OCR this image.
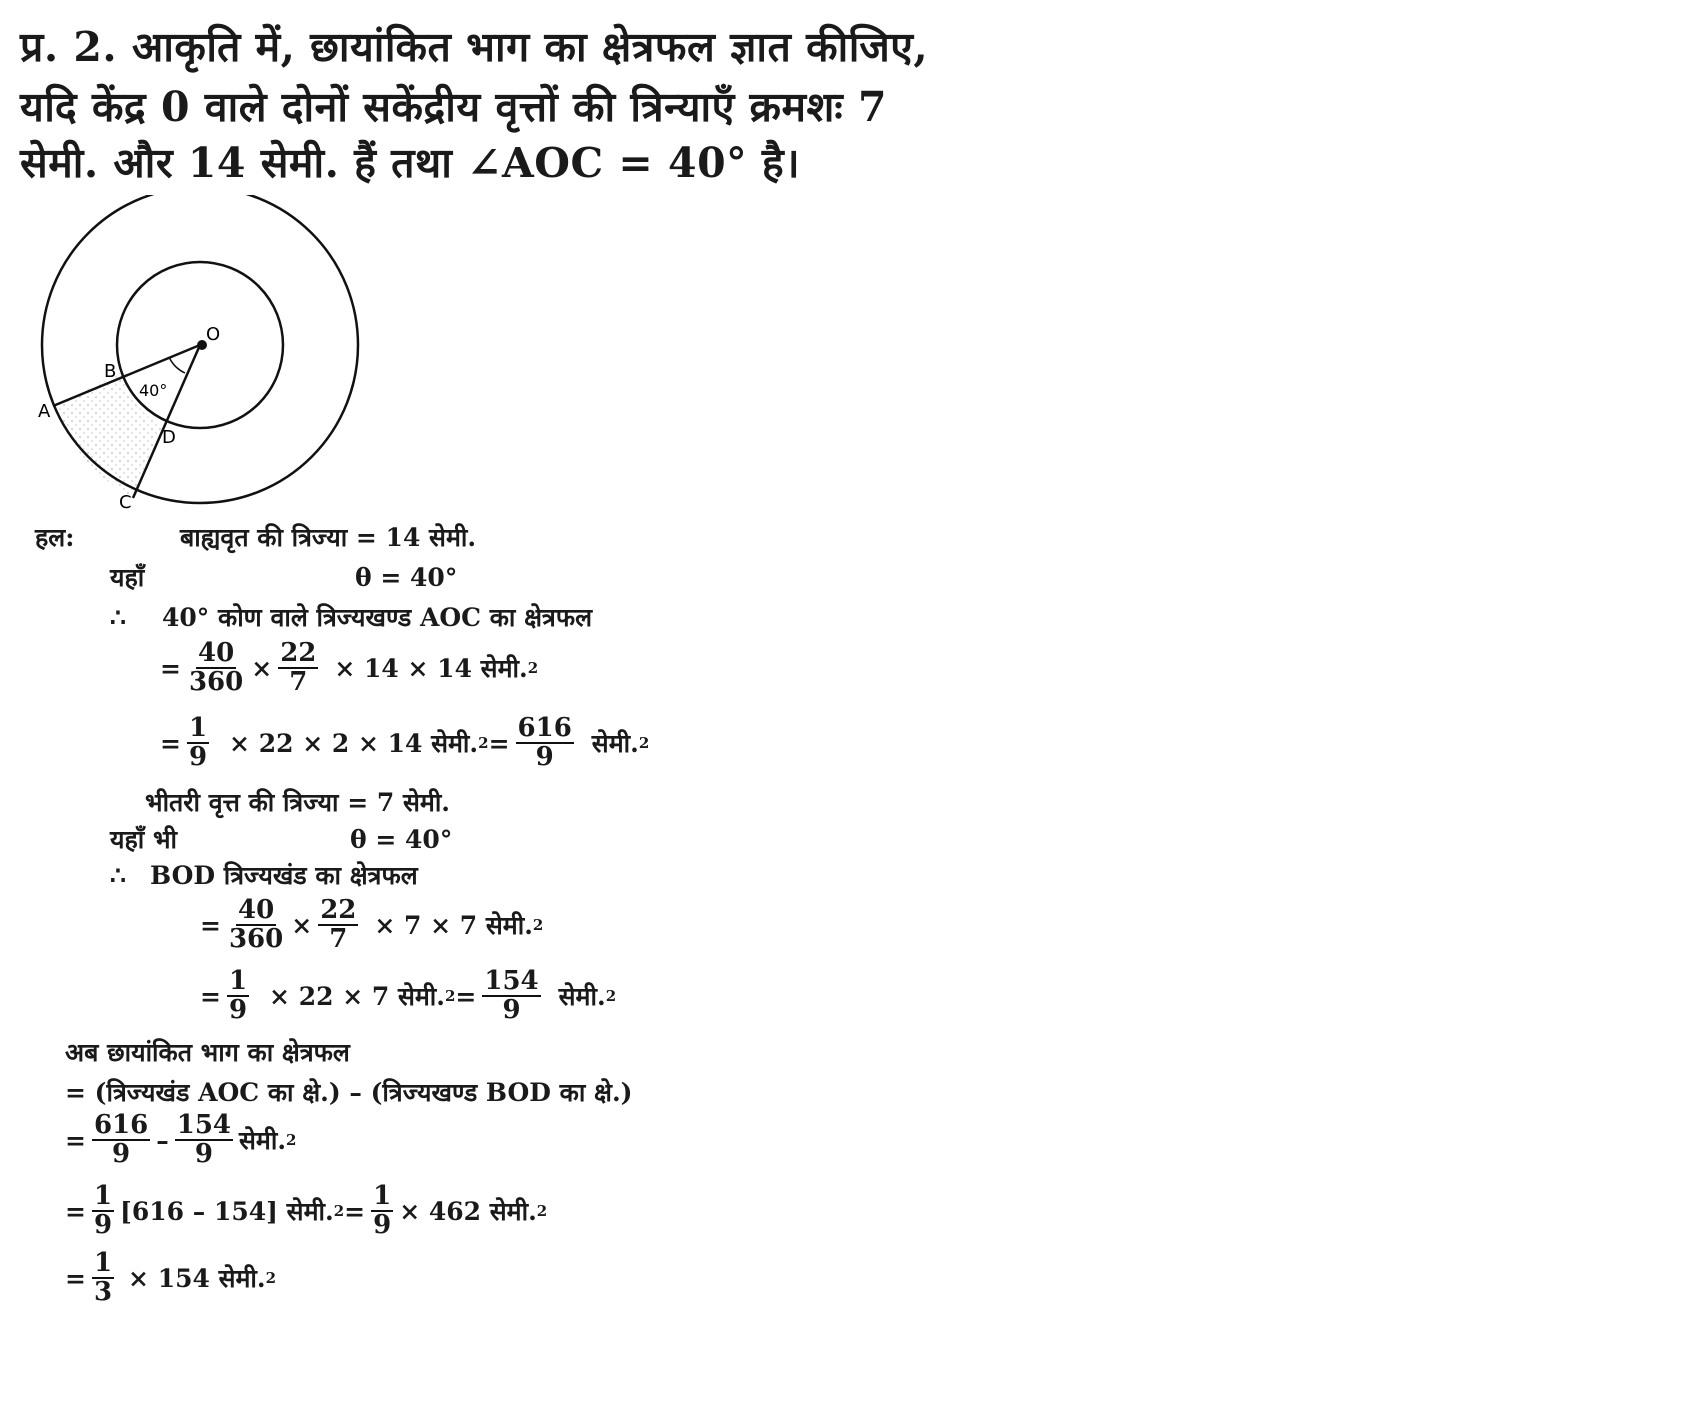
प्र. 2. आकृति में, छायांकित भाग का क्षेत्रफल ज्ञात कीजिए,
यदि केंद्र 0 वाले दोनों सकेंद्रीय वृत्तों की त्रिन्याएँ क्रमशः 7
सेमी. और 14 सेमी. हैं तथा ∠AOC = 40° है।
O
B
A
D
C
40°
हल:	बाह्यवृत की त्रिज्या = 14 सेमी.
यहाँ	θ = 40°
∴	40° कोण वाले त्रिज्यखण्ड AOC का क्षेत्रफल
= $\frac{40}{360} \times \frac{22}{7} \times 14 \times 14$ सेमी. 2
= $\frac{1}{9} \times 22 \times 2 \times 14$ सेमी. $2 = \frac{616}{9}$ सेमी. 2
भीतरी वृत्त की त्रिज्या = 7 सेमी.
यहाँ भी	θ = 40°
∴ BOD त्रिज्यखंड का क्षेत्रफल
= $\frac{40}{360} \times \frac{22}{7} \times 7 \times 7$ सेमी. 2
= $\frac{1}{9} \times 22 \times 7$ सेमी. $2 = \frac{154}{9}$ सेमी. 2
अब छायांकित भाग का क्षेत्रफल
= (त्रिज्यखंड AOC का क्षे.) – (त्रिज्यखण्ड BOD का क्षे.)
= $\frac{616}{9} - \frac{154}{9}$ सेमी. 2
= $\frac{1}{9} [616 - 154]$ सेमी. $2 = \frac{1}{9} \times 462$ सेमी. 2
= $\frac{1}{3} \times 154$ सेमी. 2
